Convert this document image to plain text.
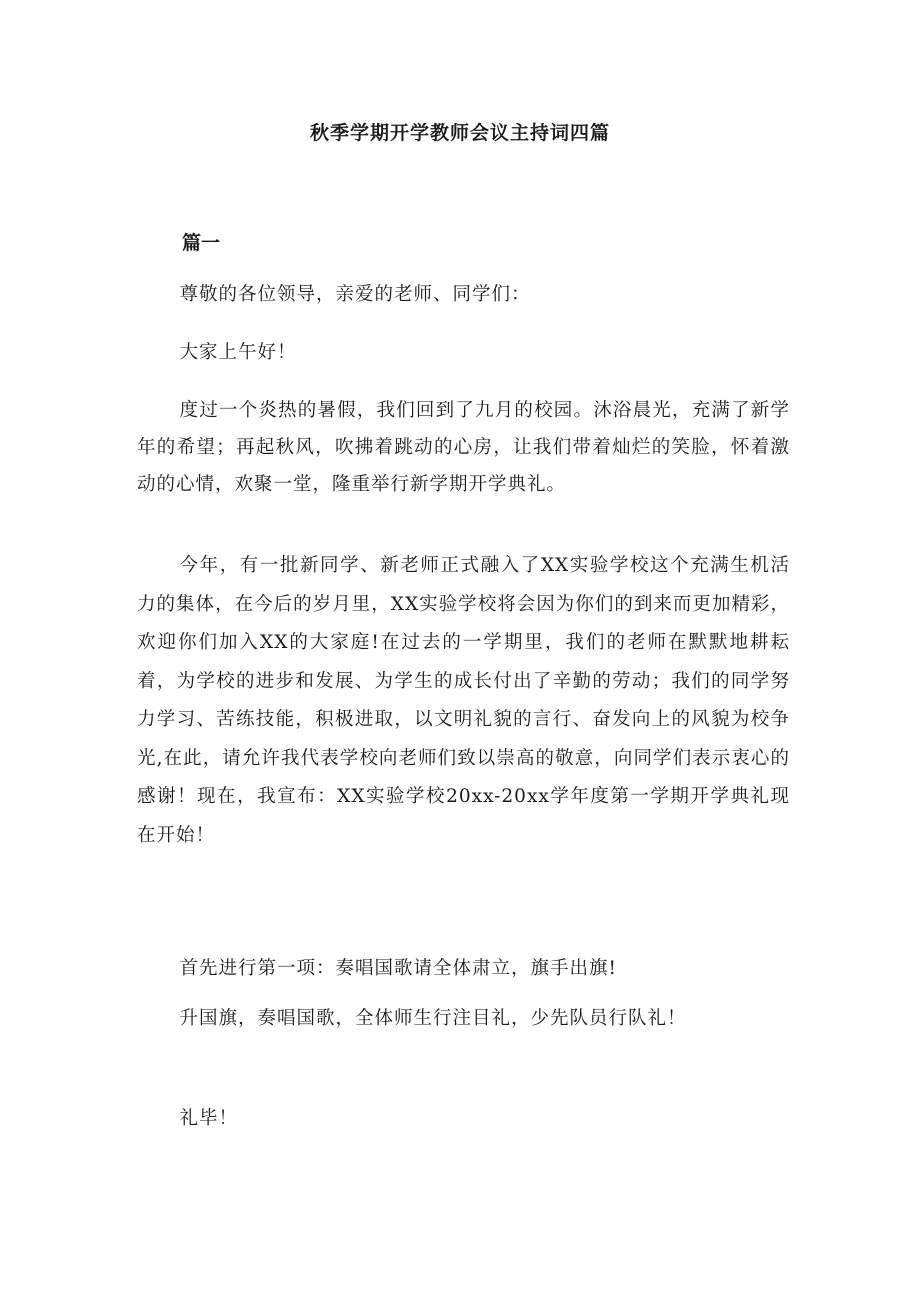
秋季学期开学教师会议主持词四篇
篇一

尊敬的各位领导，亲爱的老师、同学们：

大家上午好！

度过一个炎热的暑假，我们回到了九月的校园。沐浴晨光，充满了新学年的希望；再起秋风，吹拂着跳动的心房，让我们带着灿烂的笑脸，怀着激动的心情，欢聚一堂，隆重举行新学期开学典礼。

今年，有一批新同学、新老师正式融入了XX实验学校这个充满生机活力的集体，在今后的岁月里，XX实验学校将会因为你们的到来而更加精彩，欢迎你们加入XX的大家庭!在过去的一学期里，我们的老师在默默地耕耘着，为学校的进步和发展、为学生的成长付出了辛勤的劳动；我们的同学努力学习、苦练技能，积极进取，以文明礼貌的言行、奋发向上的风貌为校争光,在此，请允许我代表学校向老师们致以崇高的敬意，向同学们表示衷心的感谢！现在，我宣布：XX实验学校20xx-20xx学年度第一学期开学典礼现在开始！

首先进行第一项：奏唱国歌请全体肃立，旗手出旗!

升国旗，奏唱国歌，全体师生行注目礼，少先队员行队礼！

礼毕！
